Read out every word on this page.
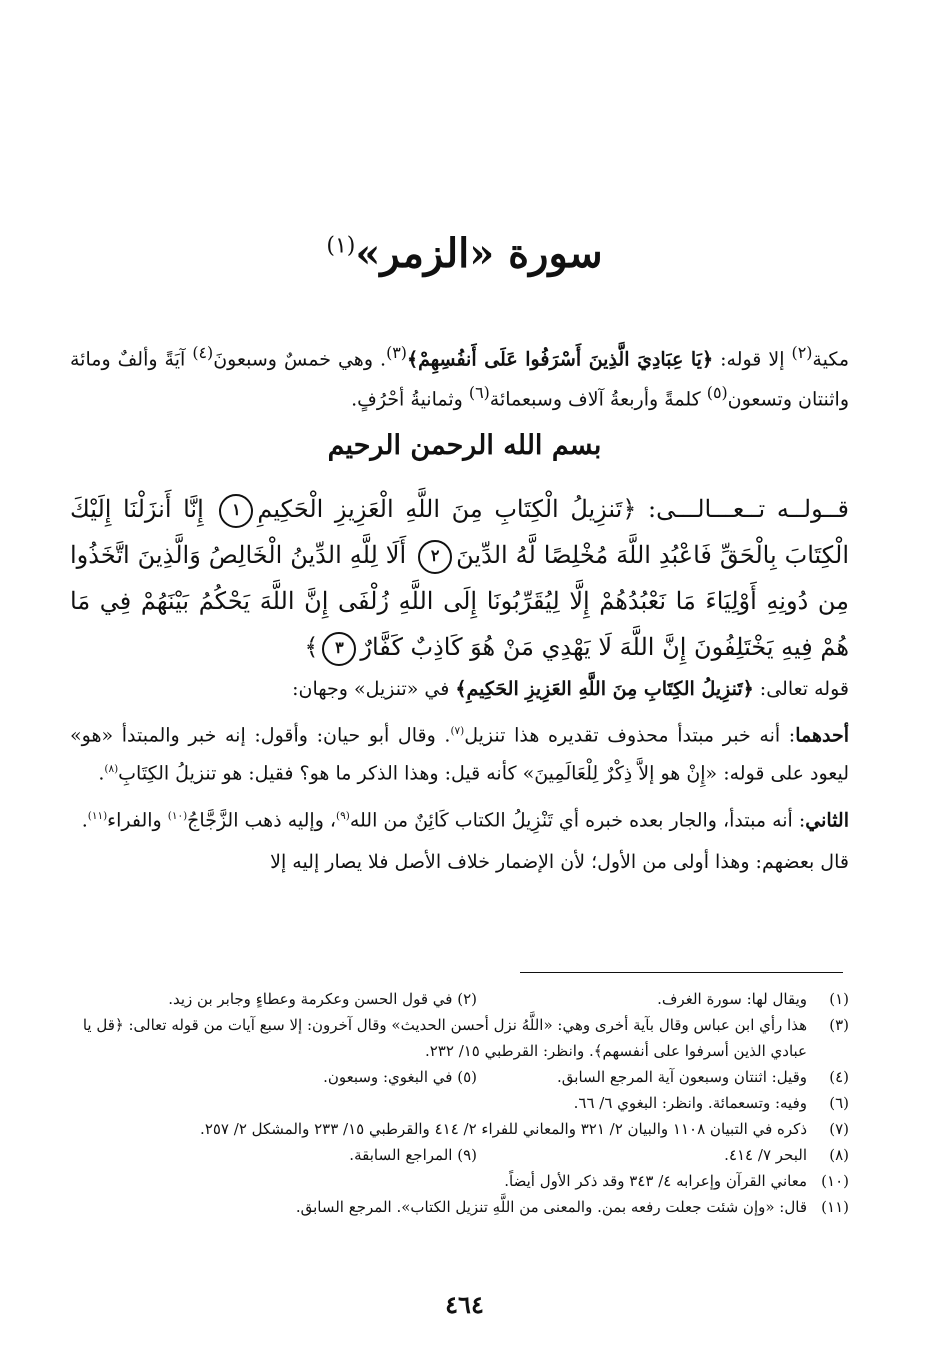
سورة «الزمر»$^{(١)}$
مكية$^{(٢)}$ إلا قوله: ﴿يَا عِبَادِيَ الَّذِينَ أَسْرَفُوا عَلَى أَنفُسِهِمْ﴾$^{(٣)}$. وهي خمسٌ وسبعونَ$^{(٤)}$ آيَةً وألفٌ ومائة واثنتان وتسعون$^{(٥)}$ كلمةً وأربعةُ آلاف وسبعمائة$^{(٦)}$ وثمانيةُ أحْرُفٍ.
بسم الله الرحمن الرحيم
قــولــه تــعـــالـــى: ﴿تَنزِيلُ الْكِتَابِ مِنَ اللَّهِ الْعَزِيزِ الْحَكِيمِ١ إِنَّا أَنزَلْنَا إِلَيْكَ الْكِتَابَ بِالْحَقِّ فَاعْبُدِ اللَّهَ مُخْلِصًا لَّهُ الدِّينَ٢ أَلَا لِلَّهِ الدِّينُ الْخَالِصُ وَالَّذِينَ اتَّخَذُوا مِن دُونِهِ أَوْلِيَاءَ مَا نَعْبُدُهُمْ إِلَّا لِيُقَرِّبُونَا إِلَى اللَّهِ زُلْفَى إِنَّ اللَّهَ يَحْكُمُ بَيْنَهُمْ فِي مَا هُمْ فِيهِ يَخْتَلِفُونَ إِنَّ اللَّهَ لَا يَهْدِي مَنْ هُوَ كَاذِبٌ كَفَّارٌ٣﴾

قوله تعالى: ﴿تَنزِيلُ الكِتَابِ مِنَ اللَّهِ العَزِيزِ الحَكِيمِ﴾ في «تنزيل» وجهان:

أحدهما: أنه خبر مبتدأ محذوف تقديره هذا تنزيل$^{(٧)}$. وقال أبو حيان: وأقول: إنه خبر والمبتدأ «هو» ليعود على قوله: «إِنْ هو إلاَّ ذِكْرٌ لِلْعَالَمِينَ» كأنه قيل: وهذا الذكر ما هو؟ فقيل: هو تنزيلُ الكِتَابِ$^{(٨)}$.

الثاني: أنه مبتدأ، والجار بعده خبره أي تَنْزِيلُ الكتاب كَائِنٌ من الله$^{(٩)}$، وإليه ذهب الزَّجَّاجُ$^{(١٠)}$ والفراء$^{(١١)}$.

قال بعضهم: وهذا أولى من الأول؛ لأن الإضمار خلاف الأصل فلا يصار إليه إلا

(١)
ويقال لها: سورة الغرف.(٢) في قول الحسن وعكرمة وعطاءٍ وجابر بن زيد.
(٣)
هذا رأي ابن عباس وقال بآية أخرى وهي: «اللَّهُ نزل أحسن الحديث» وقال آخرون: إلا سبع آيات من قوله تعالى: ﴿قل يا عبادي الذين أسرفوا على أنفسهم﴾. وانظر: القرطبي ١٥/ ٢٣٢.
(٤)
وقيل: اثنتان وسبعون آية المرجع السابق.(٥) في البغوي: وسبعون.
(٦)
وفيه: وتسعمائة. وانظر: البغوي ٦/ ٦٦.
(٧)
ذكره في التبيان ١١٠٨ والبيان ٢/ ٣٢١ والمعاني للفراء ٢/ ٤١٤ والقرطبي ١٥/ ٢٣٣ والمشكل ٢/ ٢٥٧.
(٨)
البحر ٧/ ٤١٤.(٩) المراجع السابقة.
(١٠)
معاني القرآن وإعرابه ٤/ ٣٤٣ وقد ذكر الأول أيضاً.
(١١)
قال: «وإن شئت جعلت رفعه بمن. والمعنى من اللَّهِ تنزيل الكتاب». المرجع السابق.
٤٦٤
